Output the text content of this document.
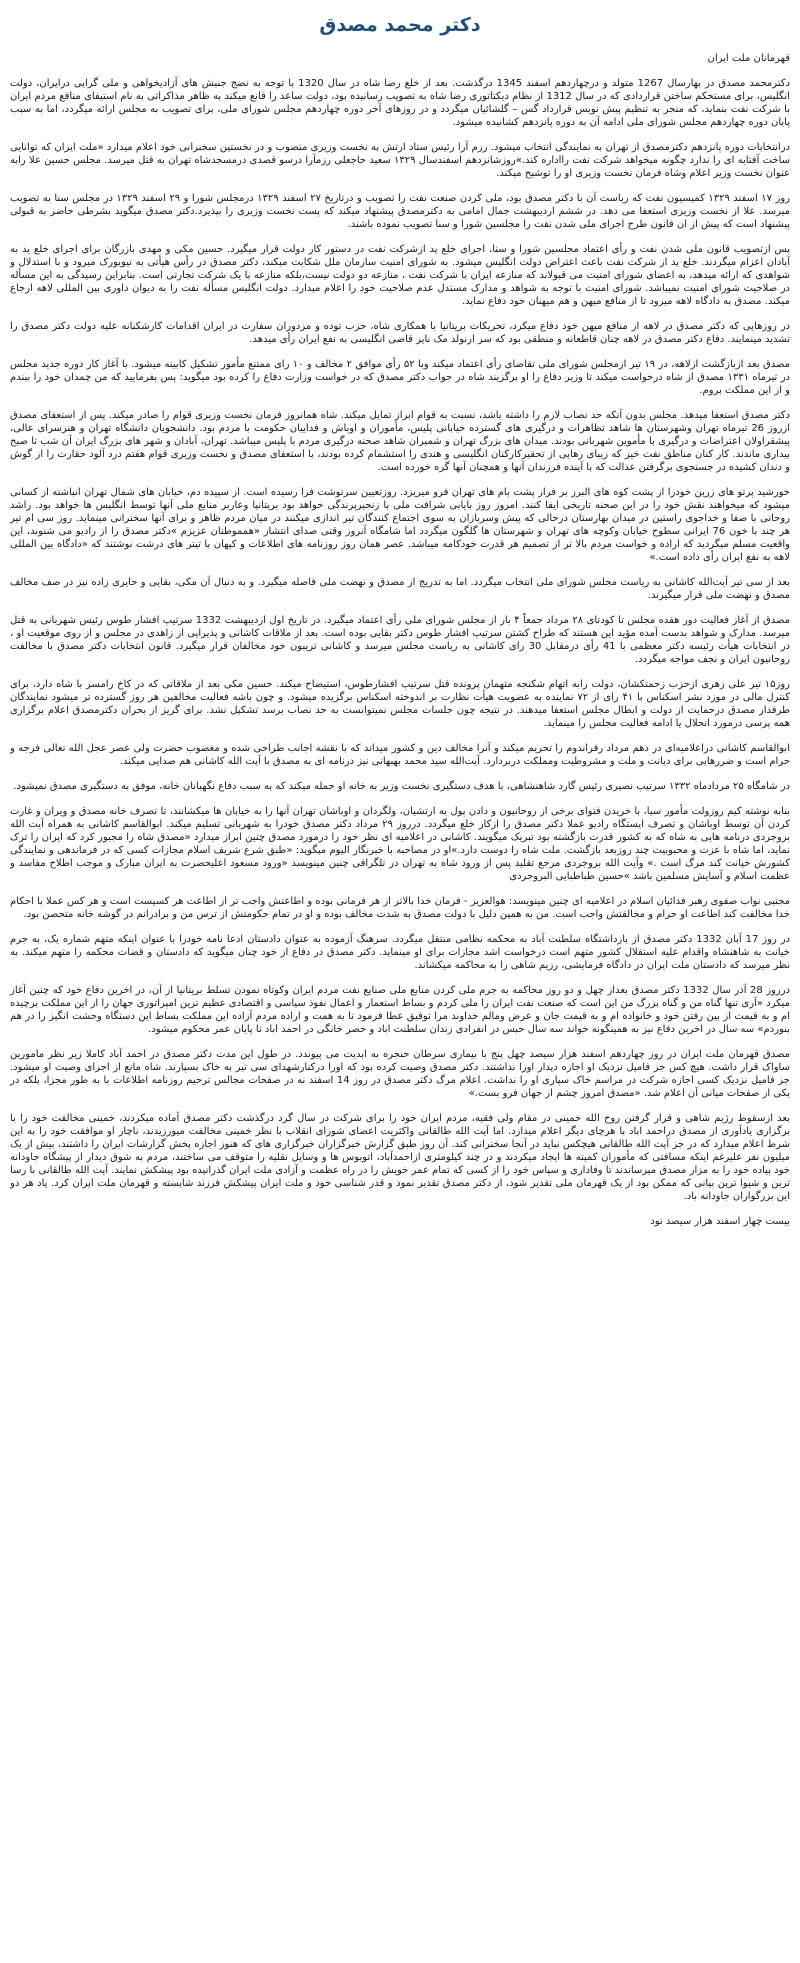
دکتر محمد مصدق

قهرمانان ملت ایران

دکترمحمد مصدق در بهارسال 1267 متولد و درچهاردهم اسفند 1345 درگذشت. بعد از خلع رضا شاه در سال 1320 با توجه به نضج جنبش های آزادیخواهی و ملی گرایی درایران، دولت انگلیس، برای مستحکم ساختن قراردادی که در سال 1312 از نظام دیکتاتوری رضا شاه به تصویب رسانیده بود، دولت ساعد را قانع میکند به ظاهر مذاکراتی به نام استیفای منافع مردم ایران با شرکت نفت بنماید، که منجر به تنظیم پیش نویس قرارداد گس – گلشائیان میگردد و در روزهای آخر دوره چهاردهم مجلس شورای ملی، برای تصویب به مجلس ارائه میگردد، اما به سبب پایان دوره چهاردهم مجلس شورای ملی ادامه آن به دوره پانزدهم کشانیده میشود.

درانتخابات دوره پانزدهم دکترمصدق از تهران به نمایندگی انتخاب میشود. رزم آرا رئیس ستاد ارتش به نخست وزیری منصوب و در نخستین سخنرانی خود اعلام میدارد «ملت ایران که توانایی ساخت آفتابه ای را ندارد چگونه میخواهد شرکت نفت رااداره کند.»روزشانزدهم اسفندسال ۱۳۲۹ سعید حاجعلی رزمآرا درسو قصدی درمسجدشاه تهران به قتل میرسد. مجلس حسین علا رابه عنوان نخست وزیر اعلام وشاه فرمان نخست وزیری او را توشیح میکند.

روز ۱۷ اسفند ۱۳۲۹ کمیسیون نفت که ریاست آن با دکتر مصدق بود، ملی کردن صنعت نفت را تصویب و درتاریخ ۲۷ اسفند ۱۳۲۹ درمجلس شورا و ۲۹ اسفند ۱۳۲۹ در مجلس سنا به تصویب میرسد. علا از نخست وزیری استعفا می دهد. در ششم اردیبهشت جمال امامی به دکترمصدق پیشنهاد میکند که پست نخست وزیری را بپذیرد.دکتر مصدق میگوید بشرطی حاضر به قبولی پیشنهاد است که پیش از ان قانون طرح اجرای ملی شدن نفت را مجلسین شورا و سنا تصویب نموده باشند.

پس ازتصویب قانون ملی شدن نفت و رأی اعتماد مجلسین شورا و سنا، اجرای خلع ید ازشرکت نفت در دستور کار دولت قرار میگیرد. حسین مکی و مهدی بازرگان برای اجرای خلع ید به آبادان اعزام میگردند. خلع ید از شرکت نفت باعث اعتراض دولت انگلیس میشود. به شورای امنیت سازمان ملل شکایت میکند، دکتر مصدق در رأس هیأتی به نیویورک میرود و با استدلال و شواهدی که ارائه میدهد، به اعضای شورای امنیت می قبولاند که منازعه ایران با شرکت نفت ، منازعه دو دولت نیست،بلکه منازعه با یک شرکت تجارتی است. بنابراین رسیدگی به این مسأله در صلاحیت شورای امنیت نمیباشد. شورای امنیت با توجه به شواهد و مدارک مستدل عدم صلاحیت خود را اعلام میدارد. دولت انگلیس مسأله نفت را به دیوان داوری بین المللی لاهه ارجاع میکند. مصدق به دادگاه لاهه میرود تا از منافع میهن و هم میهنان خود دفاع نماید.

در روزهایی که دکتر مصدق در لاهه از منافع میهن خود دفاع میکرد، تحریکات بریتانیا با همکاری شاه، حزب توده و مزدوران سفارت در ایران اقدامات کارشکنانه علیه دولت دکتر مصدق را تشدید مینمایند. دفاع دکتر مصدق در لاهه چنان قاطعانه و منطقی بود که سر ارنولد مک نایر قاضی انگلیسی به نفع ایران رأی میدهد.

مصدق بعد ازبازگشت ازلاهه، در ۱۹ تیر ازمجلس شورای ملی تقاضای رأی اعتماد میکند وبا ۵۲ رأی موافق ۲ مخالف و ۱۰ رای ممتنع مأمور تشکیل کابینه میشود. با آغاز کار دوره جدید مجلس در تیرماه ۱۳۳۱ مصدق از شاه درخواست میکند تا وزیر دفاع را او برگزیند شاه در جواب دکتر مصدق که در خواست وزارت دفاع را کرده بود میگوید: پس بفرمایید که من چمدان خود را ببندم و از این مملکت بروم.

دکتر مصدق استعفا میدهد. مجلس بدون آنکه حد نصاب لازم را داشته باشد، نسبت به قوام ابراز تمایل میکند. شاه همانروز فرمان نخست وزیری قوام را صادر میکند. پس از استعفای مصدق ازروز 26 تیرماه تهران وشهرستان ها شاهد تظاهرات و درگیری های گسترده خیابانی پلیس، مأموران و اوباش و فداییان حکومت با مردم بود. دانشجویان دانشگاه تهران و هنرسرای عالی، پیشقراولان اعتراضات و درگیری با مأموین شهربانی بودند. میدان های بزرگ تهران و شمیران شاهد صحنه درگیری مردم با پلیس میباشد. تهران، آبادان و شهر های بزرگ ایران آن شب تا صبح بیداری ماندند. کار کنان مناطق نفت خیز که زیبای رهایی از تحقیرکارکنان انگلیسی و هندی را استشمام کرده بودند، با استعفای مصدق و نخست وزیری قوام هفتم درد آلود حقارت را از گوش و دندان کشیده در جستجوی برگرفتن عدالت که با آینده فرزندان آنها و همچنان آنها گره خورده است.

خورشید پرتو های زرین خودرا از پشت کوه های البرز بر فراز پشت بام های تهران فرو میریزد. روزتعیین سرنوشت فرا رسیده است. از سپیده دم، خیابان های شمال تهران انباشته از کسانی میشود که میخواهند نقش خود را در این صحنه تاریخی ایفا کنند. امروز روز بایابی شرافت ملی با زنجیرپرندگی خواهد بود بریتانیا وعاربر منابع ملی آنها توسط انگلیس ها خواهد بود. راشد روحانی با صفا و خداجوی راستین در میدان بهارستان درحالی که پیش وسربازان به سوی اجتماع کنندگان تیر اندازی میکنند در میان مردم ظاهر و برای آنها سخنرانی مینماید. روز سی ام تیر هر چند با خون 76 ایرانی سطوح خیابان وکوچه های تهران و شهرستان ها گلگون میگردد اما شامگاه آنروز وقتی صدای انتشار «همموطنان عزیزم »دکتر مصدق را از رادیو می شنوند، این واقعیت مسلم میگردید که اراده و خواست مردم بالا تر از تصمیم هر قدرت خودکامه میباشد. عصر همان روز روزنامه های اطلاعات و کیهان با تیتر های درشت نوشتند که «دادگاه بین المللی لاهه به نفع ایران رأی داده است.»

بعد از سی تیر آیت‌الله کاشانی به ریاست مجلس شورای ملی انتخاب میگردد. اما به تدریج از مصدق و نهضت ملی فاصله میگیرد. و به دنبال آن مکی، بقایی و حایری زاده نیز در صف مخالف مصدق و نهضت ملی قرار میگیرند.

مصدق از آغاز فعالیت دور هفده مجلس تا کودتای ۲۸ مرداد جمعاً ۴ بار از مجلس شورای ملی رأی اعتماد میگیرد. در تاریخ اول اردیبهشت 1332 سرتیپ افشار طوس رئیس شهربانی به قتل میرسد. مدارک و شواهد بدست آمده مؤید این هستند که طراح کشتن سرتیپ افشار طوس دکتر بقایی بوده است. بعد از ملاقات کاشانی و پذیرایی از زاهدی در مجلس و از روی موقعیت او ، در انتخابات هیأت رئیسه دکتر معظمی با 41 رأی درمقابل 30 رای کاشانی به ریاست مجلس میرسد و کاشانی تریبون خود مخالفان قرار میگیرد. قانون انتخابات دکتر مصدق با مخالفت روحانیون ایران و نجف مواجه میگردد.

روز۱۵ تیر علی زهری ازحزب زحمتکشان، دولت رابه اتهام شکنجه متهمان پرونده قتل سرتیپ افشارطوس، استیضاح میکند. حسین مکی بعد از ملاقاتی که در کاخ رامسر با شاه دارد، برای کنترل مالی در موزد نشر اسکناس با ۴۱ رای از ۷۲ نماینده به عضویت هیأت نظارت بر اندوخته اسکناس برگزیده میشود. و چون باشه فعالیت مخالفین هر روز گسترده تر میشود نمایندگان طرفدار مصدق درحمایت از دولت و ابطال مجلس استعفا میدهند. در نتیجه چون جلسات مجلس نمیتوانست به حد نصاب برسد تشکیل نشد. برای گریز از بحران دکترمصدق اعلام برگزاری همه پرسی درمورد انحلال یا ادامه فعالیت مجلس را مینماید.

ابوالقاسم کاشانی دراعلامیه‌ای در دهم مرداد رفراندوم را تحریم میکند و آنرا مخالف دین و کشور میداند که با نقشه اجانب طراحی شده و مغضوب حضرت ولی عصر عجل الله تعالی فرجه و حرام است و ضررهایی برای دیانت و ملت و مشروطیت ومملکت دربردارد. آیت‌الله سید محمد بهبهانی نیز درنامه ای به مصدق با آیت الله کاشانی هم صدایی میکند.

در شامگاه ۲۵ مردادماه ۱۳۳۲ سرتیپ نصیری رئیس گارد شاهنشاهی، با هدف دستگیری نخست وزیر به خانه او حمله میکند که به سبب دفاع نگهبانان خانه، موفق به دستگیری مصدق نمیشود.

بنابه نوشته کیم روزولت مأمور سیا، با خریدن فتوای برخی از روحانیون و دادن پول به ارتشیان، ولگردان و اوباشان تهران آنها را به خیابان ها میکشانند، تا تصرف خانه مصدق و ویران و غارت کردن آن توسط اوباشان و تصرف ایستگاه رادیو عملا دکتر مصدق را ازکار خلع میگردد. درروز ۲۹ مرداد دکتر مصدق خودرا به شهربانی تسلیم میکند. ابوالقاسم کاشانی به همراه آیت الله بروجردی درنامه هایی به شاه که به کشور قدرت بازگشته بود تبریک میگویند. کاشانی در اعلامیه ای نظر خود را درمورد مصدق چنین ابراز میدارد «مصدق شاه را مجبور کرد که ایران را ترک نماید، اما شاه با عزت و محبوبیت چند روزبعد بازگشت. ملت شاه را دوست دارد.»او در مصاحبه با خبرنگار الیوم میگوید: «طبق شرع شریف اسلام مجازات کسی که در فرماندهی و نمایندگی کشورش خیانت کند مرگ است .» وآیت الله بروجردی مرجع تقلید پس از ورود شاه به تهران در تلگرافی چنین مینویسد «ورود مسعود اعلیحضرت به ایران مبارک و موجب اطلاح مفاسد و عظمت اسلام و آسایش مسلمین باشد »حسین طباطبایی البروجردی

مجتبی نواب صفوی رهبر فدائیان اسلام در اعلامیه ای چنین مینویسد: هوالعزیز - فرمان خدا بالاتر از هر فرمانی بوده و اطاعتش واجب تر از اطاعت هر کسیست است و هر کس عملا با احکام خدا مخالفت کند اطاعت او حرام و مخالفتش واجب است. من به همین دلیل با دولت مصدق به شدت مخالف بوده و او در تمام حکومتش از ترس من و برادرانم در گوشه خانه متحصن بود.

در روز 17 آبان 1332 دکتر مصدق از بازداشتگاه سلطنت آباد به محکمه نظامی منتقل میگردد. سرهنگ آزموده به عنوان دادستان ادعا نامه خودرا با عنوان اینکه متهم شماره یک، به جرم خیانت به شاهنشاه واقدام علیه استقلال کشور متهم است درخواست اشد مجازات برای او مینماید. دکتر مصدق در دفاع از خود چنان میگوید که دادستان و قضات محکمه را متهم میکند. به نظر میرسد که دادستان ملت ایران در دادگاه فرمایشی، رزیم شاهی را به محاکمه میکشاند.

درروز 28 آذر سال 1332 دکتر مصدق بعداز چهل و دو روز محاکمه به جرم ملی کردن منابع ملی صنایع نفت مردم ایران وکوتاه نمودن تسلط بریتانیا از آن، در اخرین دفاع خود که چنین آغاز میکرد «آری تنها گناه من و گناه بزرگ من این است که صنعت نفت ایران را ملی کردم و بساط استعمار و اعمال نفوذ سیاسی و اقتصادی عظیم ترین امپراتوری جهان را از این مملکت برچیده ام و به قیمت از بین رفتن خود و خانواده ام و به قیمت جان و عرض ومالم خداوند مرا توفیق عطا فرمود تا به همت و اراده مردم آزاده این مملکت بساط این دستگاه وحشت انگیز را در هم بنوردم» سه سال در اخرین دفاع نیز به همینگونه خواند سه سال حبس در انفرادی زندان سلطنت اباد و حصر خانگی در احمد اباد تا پایان عمر محکوم میشود.

مصدق قهرمان ملت ایران در روز چهاردهم اسفند هزار سیصد چهل پنج با بیماری سرطان حنجره به ابدیت می پیوندد. در طول این مدت دکتر مصدق در احمد آباد کاملا زیر نظر مامورین ساواک قرار داشت. هیچ کس جز فامیل نزدیک او اجازه دیدار اورا نداشتند. دکتر مصدق وصیت کرده بود که اورا درکنارشهدای سی تیر به خاک بسپارند. شاه مانع از اجرای وصیت او میشود. جز فامیل نزدیک کسی اجازه شرکت در مراسم خاک سپاری او را نداشت. اعلام مرگ دکتر مصدق در روز 14 اسفند نه در صفحات مجالس ترحیم روزنامه اطلاعات با به طور مجزا، بلکه در یکی از صفحات میانی آن اعلام شد. «مصدق امروز چشم از جهان فرو بست.»

بعد ازسقوط رژیم شاهی و قرار گرفتن روح الله خمینی در مقام ولی فقیه، مردم ایران خود را برای شرکت در سال گرد درگذشت دکتر مصدق آماده میکردند، خمینی مخالفت خود را با برگزاری یادآوری از مصدق دراحمد اباد با هرچای دیگر اعلام میدارد. اما آیت الله طالقانی واکثریت اعضای شورای انقلاب با نظر خمینی مخالفت میورزیدند، ناچار او موافقت خود را به این شرط اعلام میدارد که در جز آیت الله طالقانی هیچکس نباید در آنجا سخنرانی کند. آن روز طبق گزارش خبرگزاران خبرگزاری های که هنوز اجازه پخش گزارشات ایران را داشتند، بیش از یک میلیون نفر علیرغم اینکه مسافتی که مأموران کمیته ها ایجاد میکردند و در چند کیلومتری ازاحمدآباد، اتوبوس ها و وسایل نقلیه را متوقف می ساختند، مردم به شوق دیدار از پیشگاه جاودانه خود پیاده خود را به مزار مصدق میرساندند تا وفاداری و سپاس خود را از کسی که تمام عمر خویش را در راه عظمت و آزادی ملت ایران گذرانیده بود پیشکش نمایند. آیت الله طالقانی با رسا ترین و شیوا ترین بیانی که ممکن بود از یک قهرمان ملی تقدیر شود، از دکتر مصدق تقدیر نمود و قدر شناسی خود و ملت ایران پیشکش فرزند شایسته و قهرمان ملت ایران کرد. یاد هر دو این بزرگواران جاودانه باد.

بیست چهار اسفند هزار سیصد نود
